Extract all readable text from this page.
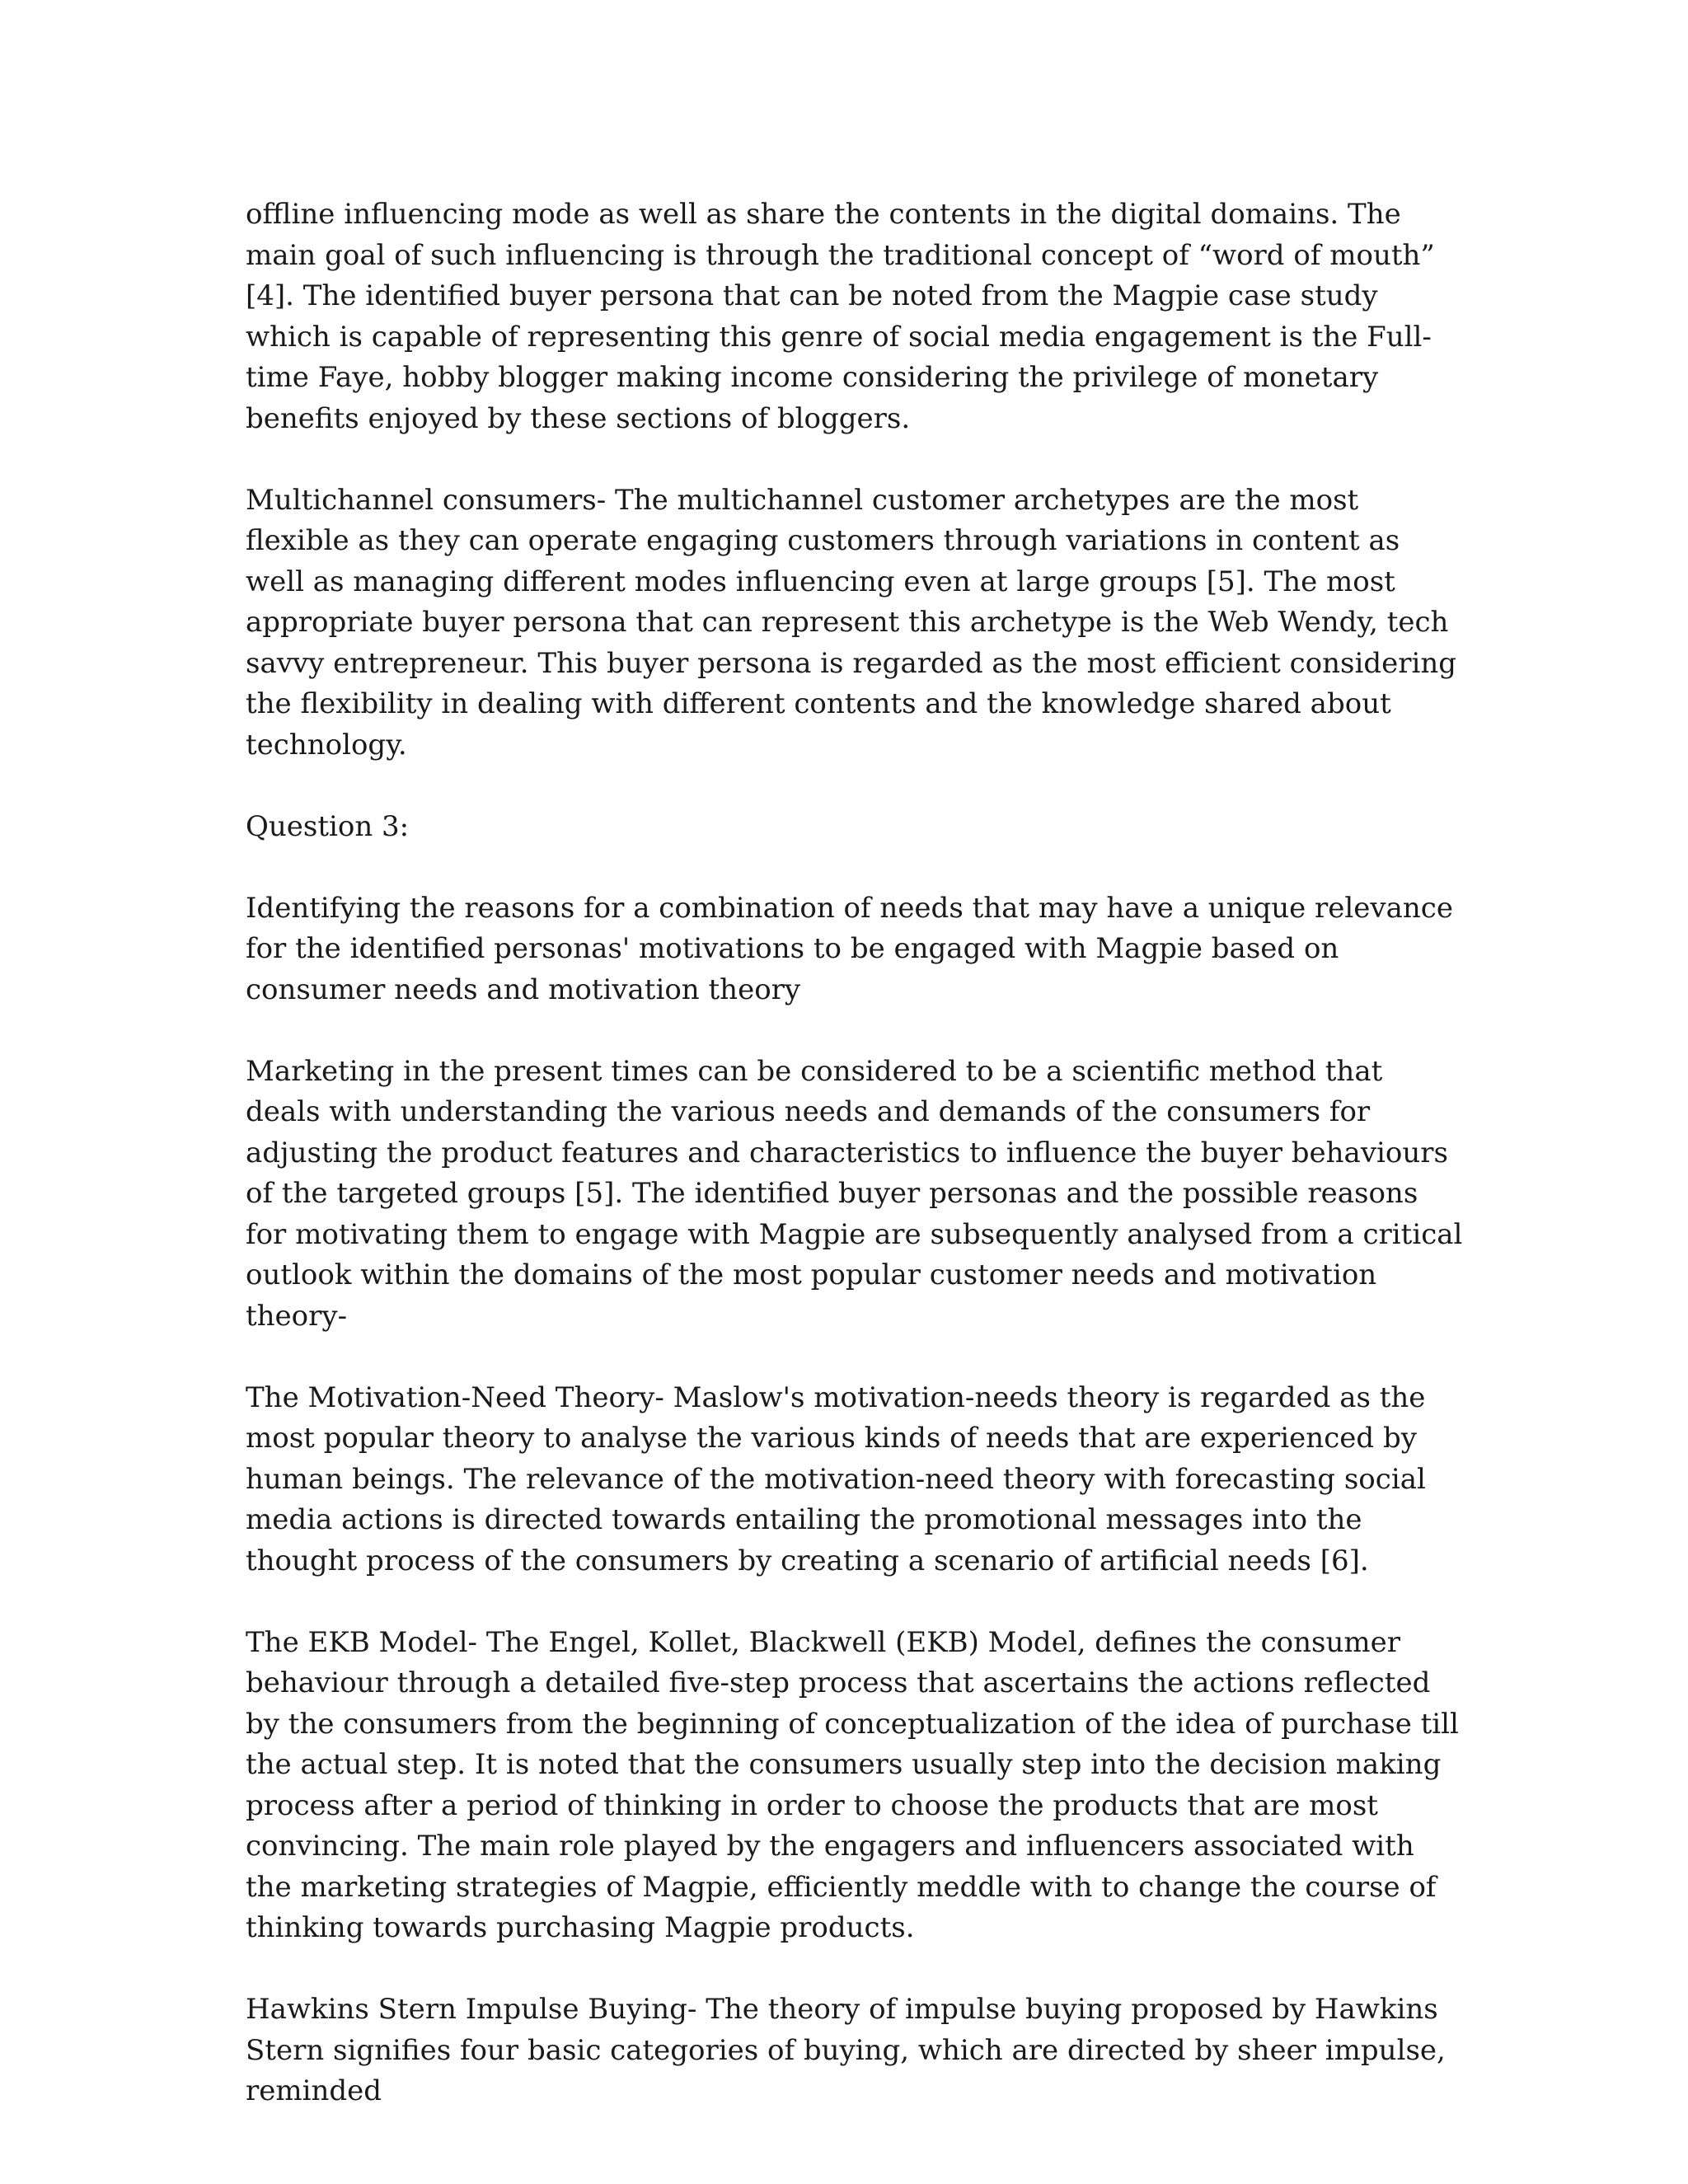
offline influencing mode as well as share the contents in the digital domains. The main goal of such influencing is through the traditional concept of “word of mouth” [4]. The identified buyer persona that can be noted from the Magpie case study which is capable of representing this genre of social media engagement is the Full-time Faye, hobby blogger making income considering the privilege of monetary benefits enjoyed by these sections of bloggers.

Multichannel consumers- The multichannel customer archetypes are the most flexible as they can operate engaging customers through variations in content as well as managing different modes influencing even at large groups [5]. The most appropriate buyer persona that can represent this archetype is the Web Wendy, tech savvy entrepreneur. This buyer persona is regarded as the most efficient considering the flexibility in dealing with different contents and the knowledge shared about technology.

Question 3:

Identifying the reasons for a combination of needs that may have a unique relevance for the identified personas' motivations to be engaged with Magpie based on consumer needs and motivation theory

Marketing in the present times can be considered to be a scientific method that deals with understanding the various needs and demands of the consumers for adjusting the product features and characteristics to influence the buyer behaviours of the targeted groups [5]. The identified buyer personas and the possible reasons for motivating them to engage with Magpie are subsequently analysed from a critical outlook within the domains of the most popular customer needs and motivation theory-

The Motivation-Need Theory- Maslow's motivation-needs theory is regarded as the most popular theory to analyse the various kinds of needs that are experienced by human beings. The relevance of the motivation-need theory with forecasting social media actions is directed towards entailing the promotional messages into the thought process of the consumers by creating a scenario of artificial needs [6].

The EKB Model- The Engel, Kollet, Blackwell (EKB) Model, defines the consumer behaviour through a detailed five-step process that ascertains the actions reflected by the consumers from the beginning of conceptualization of the idea of purchase till the actual step. It is noted that the consumers usually step into the decision making process after a period of thinking in order to choose the products that are most convincing. The main role played by the engagers and influencers associated with the marketing strategies of Magpie, efficiently meddle with to change the course of thinking towards purchasing Magpie products.

Hawkins Stern Impulse Buying- The theory of impulse buying proposed by Hawkins Stern signifies four basic categories of buying, which are directed by sheer impulse, reminded
